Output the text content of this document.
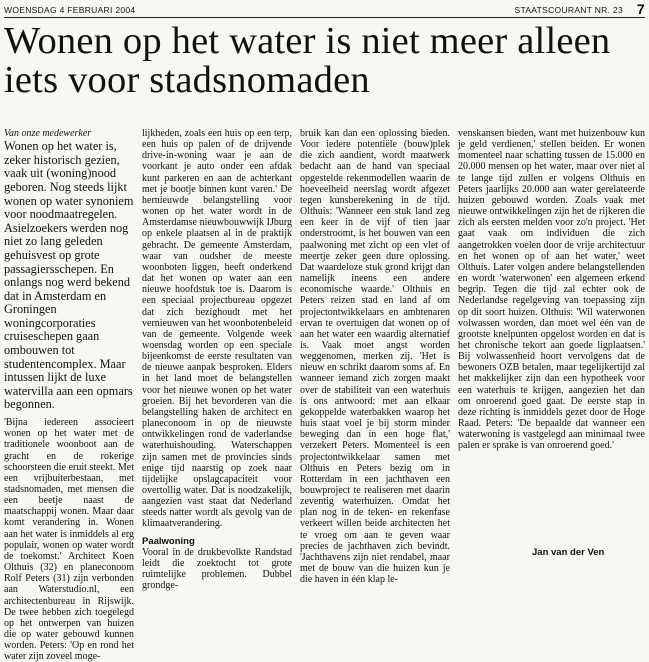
WOENSDAG 4 FEBRUARI 2004	STAATSCOURANT NR. 23 7
Wonen op het water is niet meer alleen iets voor stadsnomaden

Van onze medewerker

Wonen op het water is, zeker historisch gezien, vaak uit (woning)nood geboren. Nog steeds lijkt wonen op water synoniem voor noodmaatregelen. Asielzoekers werden nog niet zo lang geleden gehuisvest op grote passagiersschepen. En onlangs nog werd bekend dat in Amsterdam en Groningen woningcorporaties cruiseschepen gaan ombouwen tot studentencomplex. Maar intussen lijkt de luxe watervilla aan een opmars begonnen.

'Bijna iedereen associeert wonen op het water met de traditionele woonboot aan de gracht en de rokerige schoorsteen die eruit steekt. Met een vrijbuiterbestaan, met stadsnomaden, met mensen die een beetje naast de maatschappij wonen. Maar daar komt verandering in. Wonen aan het water is inmiddels al erg populair, wonen op water wordt de toekomst.' Architect Koen Olthuis (32) en planeconoom Rolf Peters (31) zijn verbonden aan Waterstudio.nl, een architectenbureau in Rijswijk. De twee hebben zich toegelegd op het ontwerpen van huizen die op water gebouwd kunnen worden. Peters: 'Op en rond het water zijn zoveel moge-

lijkheden, zoals een huis op een terp, een huis op palen of de drijvende drive-in-woning waar je aan de voorkant je auto onder een afdak kunt parkeren en aan de achterkant met je bootje binnen kunt varen.' De hernieuwde belangstelling voor wonen op het water wordt in de Amsterdamse nieuwbouwwijk IJburg op enkele plaatsen al in de praktijk gebracht. De gemeente Amsterdam, waar van oudsher de meeste woonboten liggen, heeft onderkend dat het wonen op water aan een nieuwe hoofdstuk toe is. Daarom is een speciaal projectbureau opgezet dat zich bezighoudt met het vernieuwen van het woonbotenbeleid van de gemeente. Volgende week woensdag worden op een speciale bijeenkomst de eerste resultaten van de nieuwe aanpak besproken. Elders in het land moet de belangstellen voor het nieuwe wonen op het water groeien. Bij het bevorderen van die belangstelling haken de architect en planeconoom in op de nieuwste ontwikkelingen rond de vaderlandse waterhuishouding. Waterschappen zijn samen met de provincies sinds enige tijd naarstig op zoek naar tijdelijke opslagcapaciteit voor overtollig water. Dat is noodzakelijk, aangezien vast staat dat Nederland steeds natter wordt als gevolg van de klimaatverandering.

Paalwoning

Vooral in de drukbevolkte Randstad leidt die zoektocht tot grote ruimtelijke problemen. Dubbel grondge-

bruik kan dan een oplossing bieden. Voor iedere potentiële (bouw)plek die zich aandient, wordt maatwerk bedacht aan de hand van speciaal opgestelde rekenmodellen waarin de hoeveelheid neerslag wordt afgezet tegen kunsberekening in de tijd. Olthuis: 'Wanneer een stuk land zeg een keer in de vijf of tien jaar onderstroomt, is het bouwen van een paalwoning met zicht op een vlet of meertje zeker geen dure oplossing. Dat waardeloze stuk grond krijgt dan namelijk ineens een andere economische waarde.' Olthuis en Peters reizen stad en land af om projectontwikkelaars en ambtenaren ervan te overtuigen dat wonen op of aan het water een waardig alternatief is. Vaak moet angst worden weggenomen, merken zij. 'Het is nieuw en schrikt daarom soms af. En wanneer iemand zich zorgen maakt over de stabiliteit van een waterhuis is ons antwoord: met aan elkaar gekoppelde waterbakken waarop het huis staat voel je bij storm minder beweging dan in een hoge flat,' verzekert Peters. Momenteel is een projectontwikkelaar samen met Olthuis en Peters bezig om in Rotterdam in een jachthaven een bouwproject te realiseren met daarin zeventig waterhuizen. Omdat het plan nog in de teken- en rekenfase verkeert willen beide architecten het te vroeg om aan te geven waar precies de jachthaven zich bevindt. 'Jachthavens zijn niet rendabel, maar met de bouw van die huizen kun je die haven in één klap le-

venskansen bieden, want met huizenbouw kun je geld verdienen,' stellen beiden. Er wonen momenteel naar schatting tussen de 15.000 en 20.000 mensen op het water, maar over niet al te lange tijd zullen er volgens Olthuis en Peters jaarlijks 20.000 aan water gerelateerde huizen gebouwd worden. Zoals vaak met nieuwe ontwikkelingen zijn het de rijkeren die zich als eersten melden voor zo'n project. 'Het gaat vaak om individuen die zich aangetrokken voelen door de vrije architectuur en het wonen op of aan het water,' weet Olthuis. Later volgen andere belangstellenden en wordt 'waterwonen' een algemeen erkend begrip. Tegen die tijd zal echter ook de Nederlandse regelgeving van toepassing zijn op dit soort huizen. Olthuis: 'Wil waterwonen volwassen worden, dan moet wel één van de grootste knelpunten opgelost worden en dat is het chronische tekort aan goede ligplaatsen.' Bij volwassenheid hoort vervolgens dat de bewoners OZB betalen, maar tegelijkertijd zal het makkelijker zijn dan een hypotheek voor een waterhuis te krijgen, aangezien het dan om onroerend goed gaat. De eerste stap in deze richting is inmiddels gezet door de Hoge Raad. Peters: 'De bepaalde dat wanneer een waterwoning is vastgelegd aan minimaal twee palen er sprake is van onroerend goed.'

Jan van der Ven
